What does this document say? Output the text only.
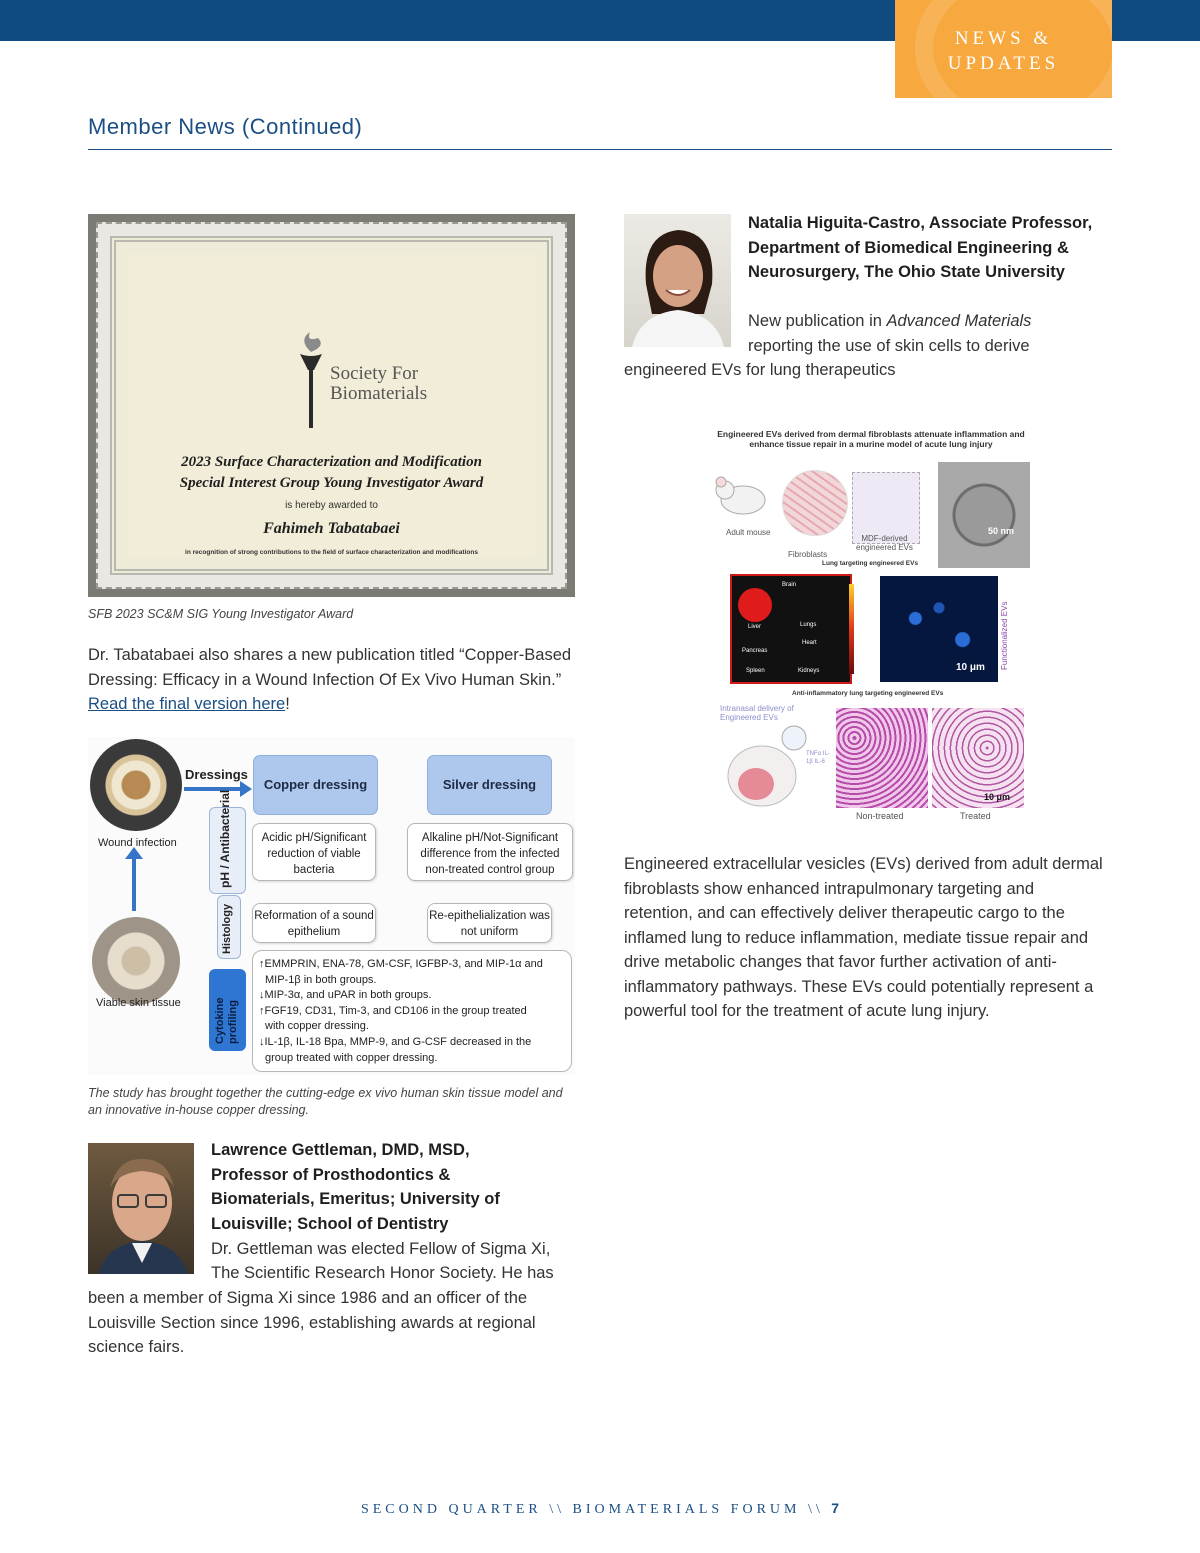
NEWS &
UPDATES
Member News (Continued)
Society For
Biomaterials
2023 Surface Characterization and Modification
Special Interest Group Young Investigator Award
is hereby awarded to
Fahimeh Tabatabaei
in recognition of strong contributions to the field of surface characterization and modifications
SFB 2023 SC&M SIG Young Investigator Award
Dr. Tabatabaei also shares a new publication titled “Copper-Based Dressing: Efficacy in a Wound Infection Of Ex Vivo Human Skin.” Read the final version here!
Wound infection
Viable skin tissue
Dressings
Copper dressing	Silver dressing
pH / Antibacterial
Histology
Cytokine profiling
Acidic pH/Significant reduction of viable bacteria
Alkaline pH/Not-Significant difference from the infected non-treated control group
Reformation of a sound epithelium
Re-epithelialization was not uniform
↑EMMPRIN, ENA-78, GM-CSF, IGFBP-3, and MIP-1α and
MIP-1β in both groups.
↓MIP-3α, and uPAR in both groups.
↑FGF19, CD31, Tim-3, and CD106 in the group treated
with copper dressing.
↓IL-1β, IL-18 Bpa, MMP-9, and G-CSF decreased in the
group treated with copper dressing.
The study has brought together the cutting-edge ex vivo human skin tissue model and an innovative in-house copper dressing.
Lawrence Gettleman, DMD, MSD, Professor of Prosthodontics & Biomaterials, Emeritus; University of Louisville; School of Dentistry
Dr. Gettleman was elected Fellow of Sigma Xi,
The Scientific Research Honor Society. He has
been a member of Sigma Xi since 1986 and an officer of the Louisville Section since 1996, establishing awards at regional science fairs.
Natalia Higuita-Castro, Associate Professor, Department of Biomedical Engineering & Neurosurgery, The Ohio State University
New publication in Advanced Materials
reporting the use of skin cells to derive
engineered EVs for lung therapeutics
Engineered EVs derived from dermal fibroblasts attenuate inflammation and
enhance tissue repair in a murine model of acute lung injury
Adult mouse
Fibroblasts
MDF-derived
engineered EVs
50 nm
Lung targeting engineered EVs
Brain
Liver	Lungs
Heart
Pancreas
Spleen	Kidneys	10 μm Functionalized EVs
Anti-inflammatory lung targeting engineered EVs
Intranasal delivery of
Engineered EVs
TNFα IL-1β IL-6
10 μm
Non-treated	Treated
Engineered extracellular vesicles (EVs) derived from adult dermal fibroblasts show enhanced intrapulmonary targeting and retention, and can effectively deliver therapeutic cargo to the inflamed lung to reduce inflammation, mediate tissue repair and drive metabolic changes that favor further activation of anti-inflammatory pathways. These EVs could potentially represent a powerful tool for the treatment of acute lung injury.
SECOND QUARTER \\ BIOMATERIALS FORUM \\ 7
